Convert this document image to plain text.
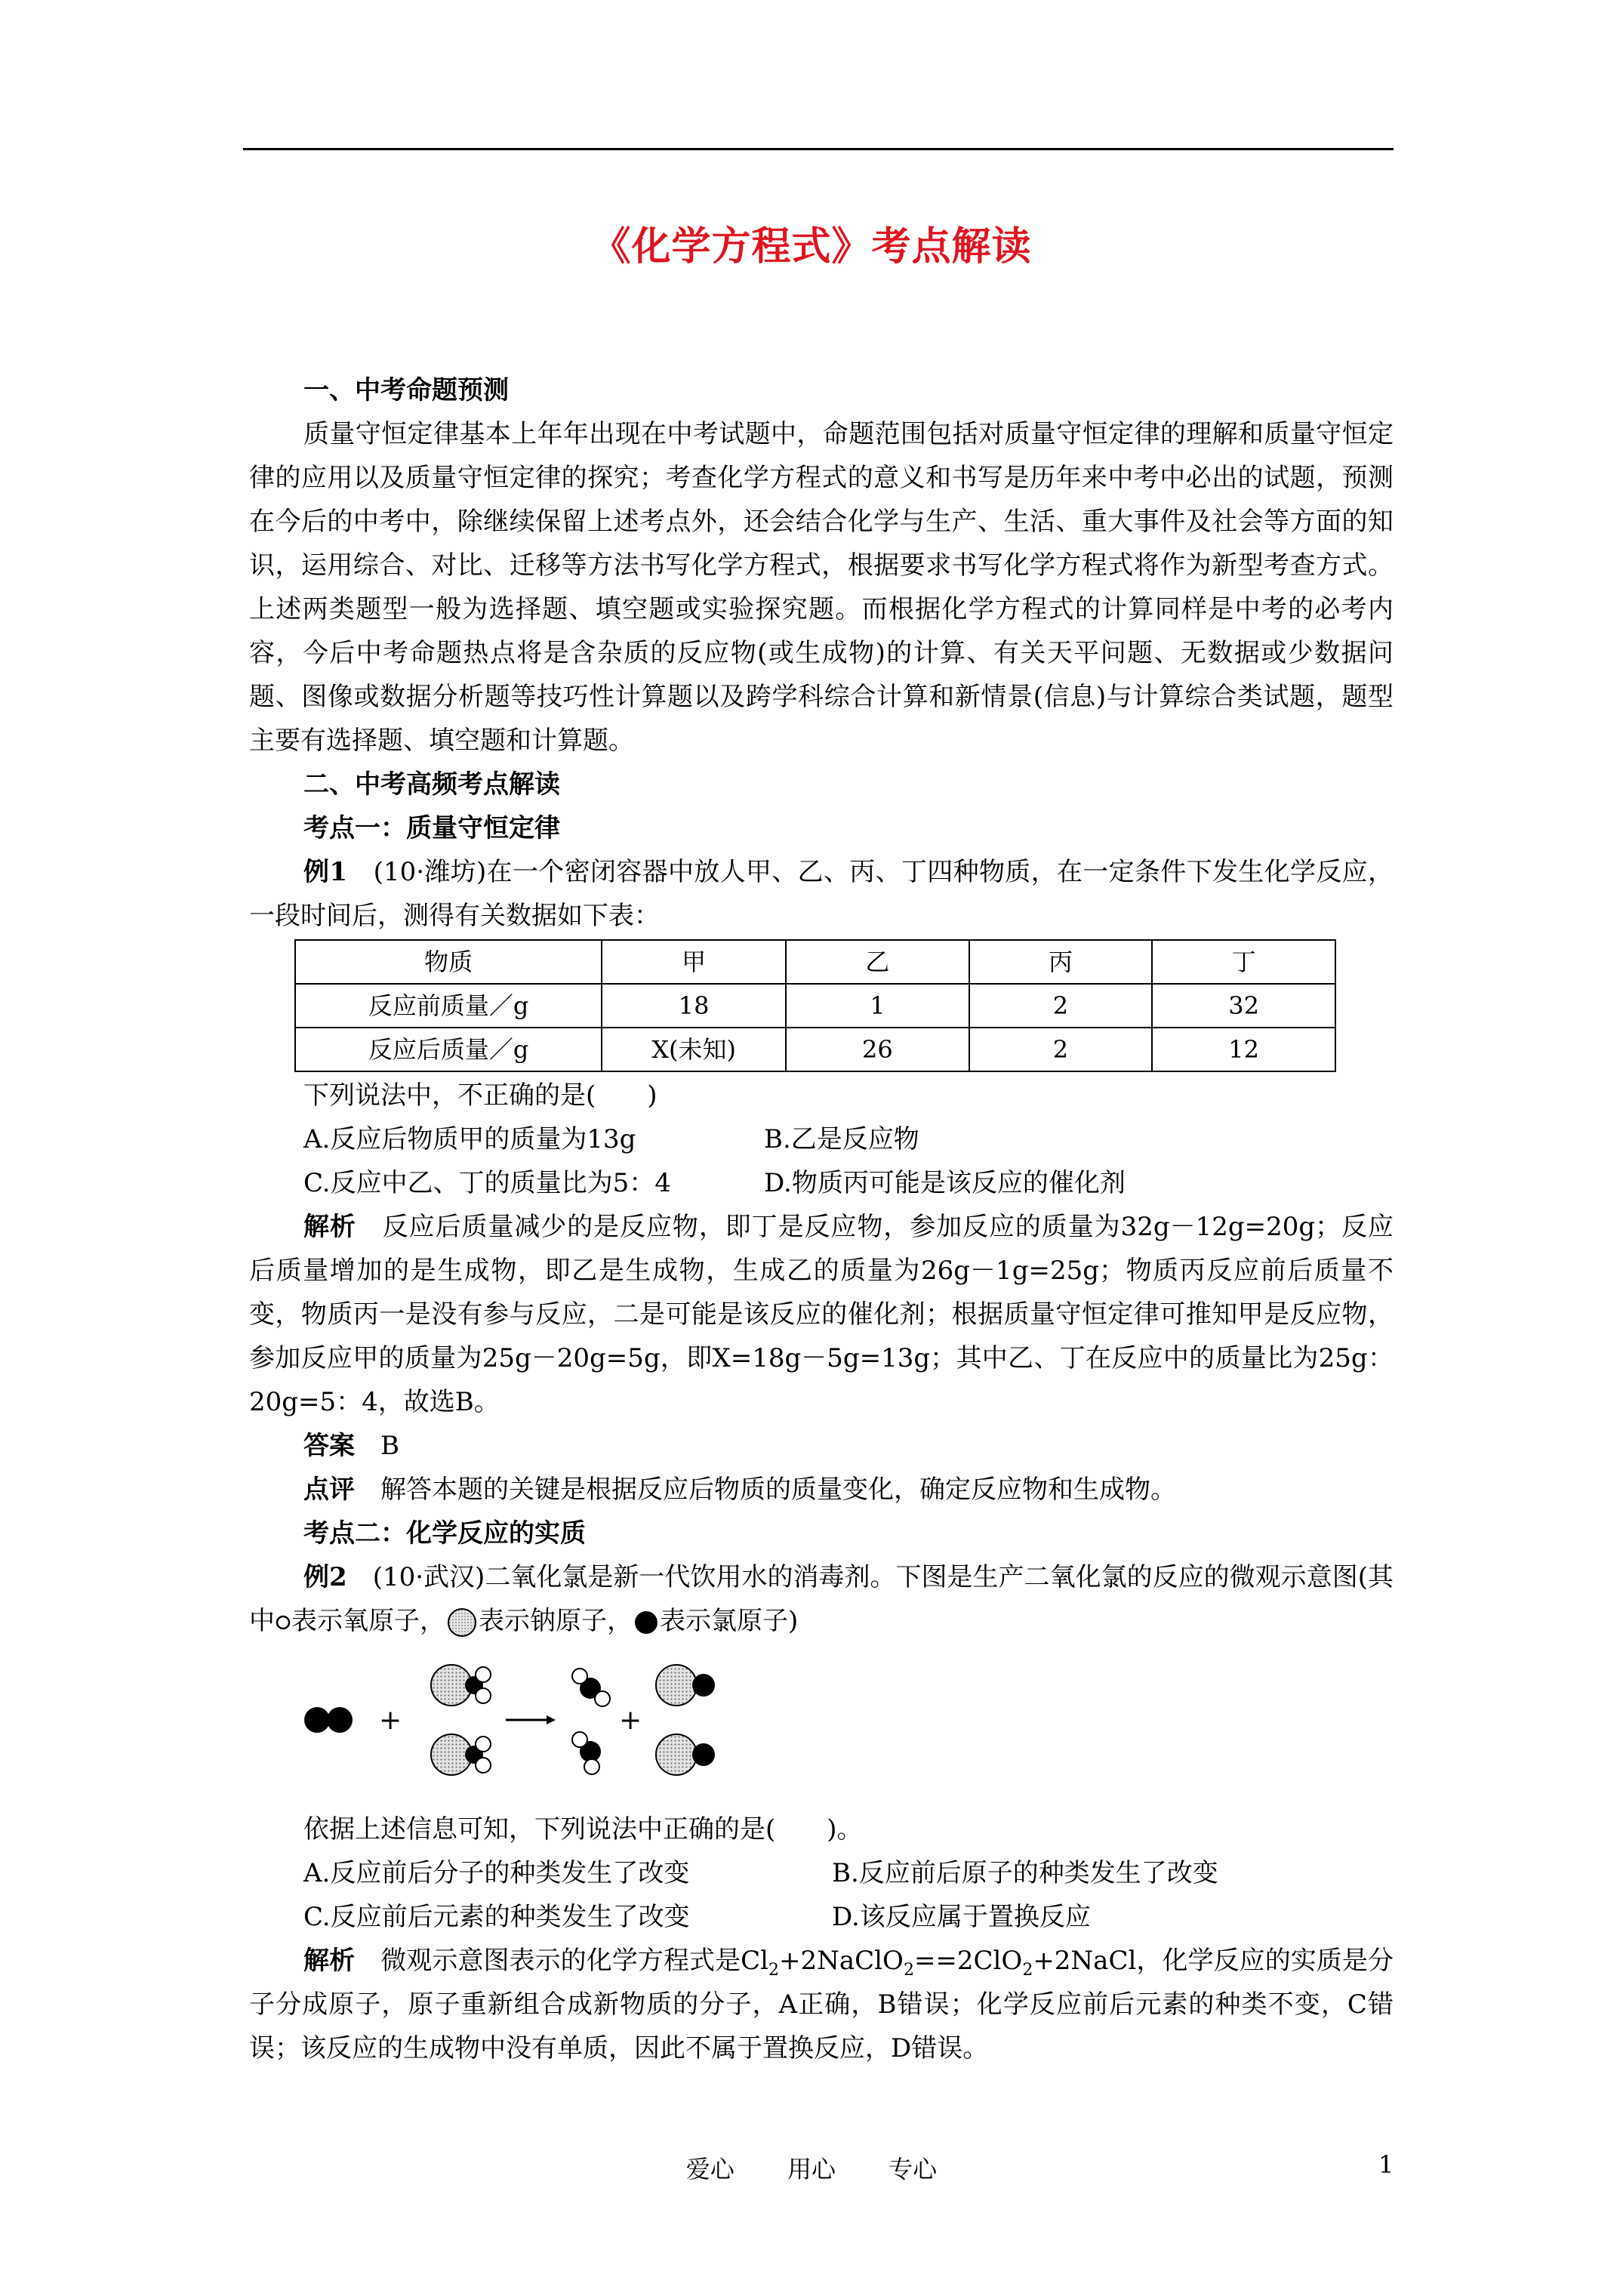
《化学方程式》考点解读

一、中考命题预测

质量守恒定律基本上年年出现在中考试题中，命题范围包括对质量守恒定律的理解和质量守恒定律的应用以及质量守恒定律的探究；考查化学方程式的意义和书写是历年来中考中必出的试题，预测在今后的中考中，除继续保留上述考点外，还会结合化学与生产、生活、重大事件及社会等方面的知识，运用综合、对比、迁移等方法书写化学方程式，根据要求书写化学方程式将作为新型考查方式。上述两类题型一般为选择题、填空题或实验探究题。而根据化学方程式的计算同样是中考的必考内容，今后中考命题热点将是含杂质的反应物(或生成物)的计算、有关天平问题、无数据或少数据问题、图像或数据分析题等技巧性计算题以及跨学科综合计算和新情景(信息)与计算综合类试题，题型主要有选择题、填空题和计算题。

二、中考高频考点解读

考点一：质量守恒定律

例1　(10·潍坊)在一个密闭容器中放人甲、乙、丙、丁四种物质，在一定条件下发生化学反应，一段时间后，测得有关数据如下表：

物质	甲	乙	丙	丁
反应前质量／g	18	1	2	32
反应后质量／g	X(未知)	26	2	12

下列说法中，不正确的是(　　)

A.反应后物质甲的质量为13g	B.乙是反应物
C.反应中乙、丁的质量比为5：4	D.物质丙可能是该反应的催化剂

解析　反应后质量减少的是反应物，即丁是反应物，参加反应的质量为32g－12g=20g；反应后质量增加的是生成物，即乙是生成物，生成乙的质量为26g－1g=25g；物质丙反应前后质量不变，物质丙一是没有参与反应，二是可能是该反应的催化剂；根据质量守恒定律可推知甲是反应物，参加反应甲的质量为25g－20g=5g，即X=18g－5g=13g；其中乙、丁在反应中的质量比为25g：20g=5：4，故选B。

答案　B

点评　解答本题的关键是根据反应后物质的质量变化，确定反应物和生成物。

考点二：化学反应的实质

例2　(10·武汉)二氧化氯是新一代饮用水的消毒剂。下图是生产二氧化氯的反应的微观示意图(其中 表示氧原子， 表示钠原子， 表示氯原子)

+	+

依据上述信息可知，下列说法中正确的是(　　)。

A.反应前后分子的种类发生了改变	B.反应前后原子的种类发生了改变
C.反应前后元素的种类发生了改变	D.该反应属于置换反应

解析　微观示意图表示的化学方程式是$Cl_2+2NaClO_2==2ClO_2+2NaCl$，化学反应的实质是分子分成原子，原子重新组合成新物质的分子，A正确，B错误；化学反应前后元素的种类不变，C错误；该反应的生成物中没有单质，因此不属于置换反应，D错误。

爱心 用心 专心	1
